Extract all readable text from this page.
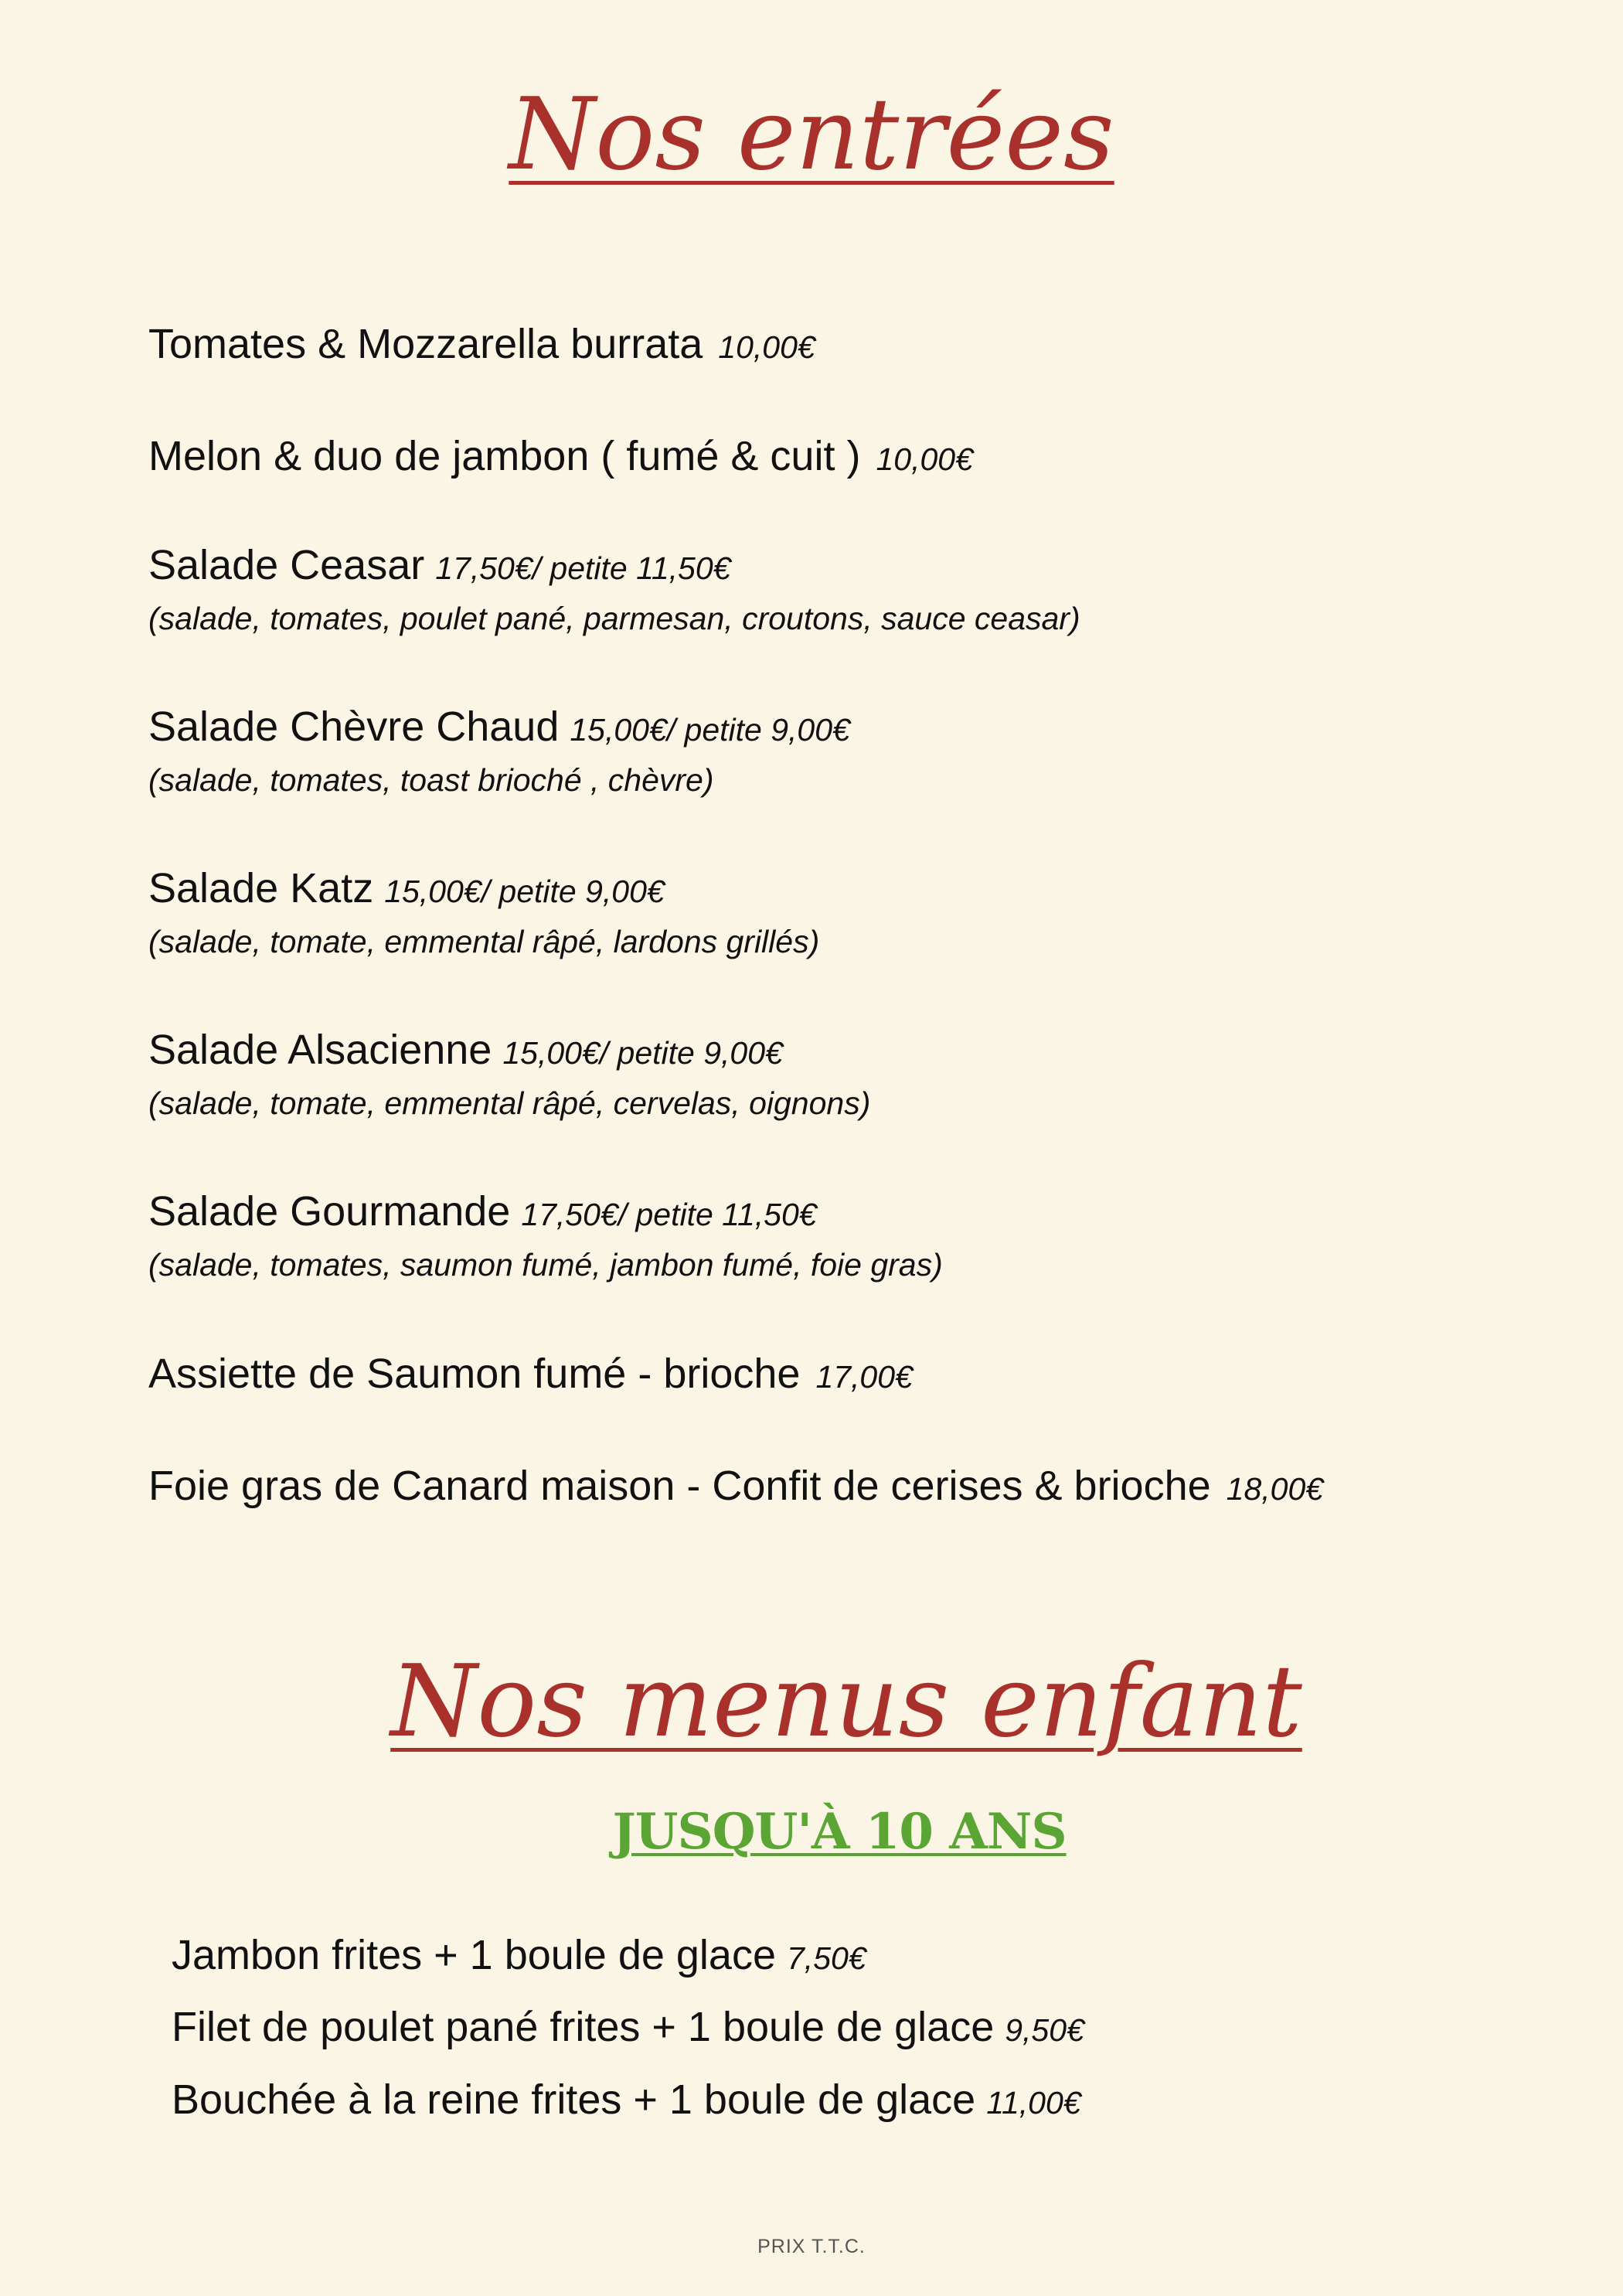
Nos entrées
Tomates & Mozzarella burrata 10,00€
Melon & duo de jambon ( fumé & cuit ) 10,00€
Salade Ceasar 17,50€/ petite 11,50€
(salade, tomates, poulet pané, parmesan, croutons, sauce ceasar)
Salade Chèvre Chaud 15,00€/ petite 9,00€
(salade, tomates, toast brioché , chèvre)
Salade Katz 15,00€/ petite 9,00€
(salade, tomate, emmental râpé, lardons grillés)
Salade Alsacienne 15,00€/ petite 9,00€
(salade, tomate, emmental râpé, cervelas, oignons)
Salade Gourmande 17,50€/ petite 11,50€
(salade, tomates, saumon fumé, jambon fumé, foie gras)
Assiette de Saumon fumé - brioche 17,00€
Foie gras de Canard maison - Confit de cerises & brioche 18,00€
Nos menus enfant
JUSQU'À 10 ANS
Jambon frites + 1 boule de glace 7,50€
Filet de poulet pané frites + 1 boule de glace 9,50€
Bouchée à la reine frites + 1 boule de glace 11,00€
PRIX T.T.C.
